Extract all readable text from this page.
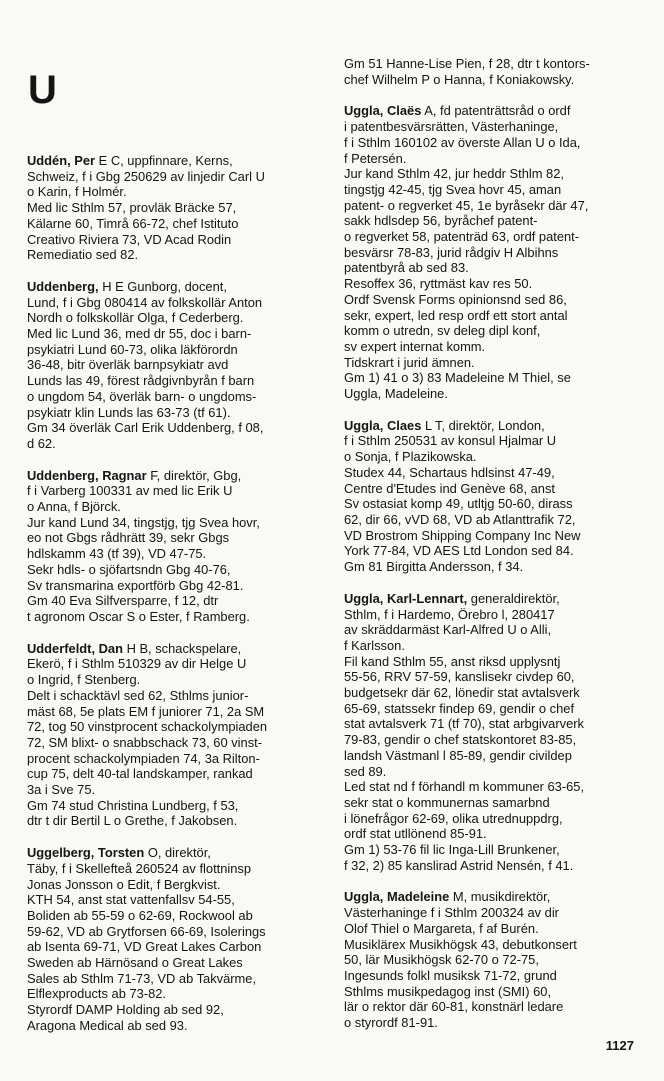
U
Uddén, Per E C, uppfinnare, Kerns,
Schweiz, f i Gbg 250629 av linjedir Carl U
o Karin, f Holmér.
Med lic Sthlm 57, provläk Bräcke 57,
Kälarne 60, Timrå 66-72, chef Istituto
Creativo Riviera 73, VD Acad Rodin
Remediatio sed 82.
Uddenberg, H E Gunborg, docent,
Lund, f i Gbg 080414 av folkskollär Anton
Nordh o folkskollär Olga, f Cederberg.
Med lic Lund 36, med dr 55, doc i barn-
psykiatri Lund 60-73, olika läkförordn
36-48, bitr överläk barnpsykiatr avd
Lunds las 49, förest rådgivnbyrån f barn
o ungdom 54, överläk barn- o ungdoms-
psykiatr klin Lunds las 63-73 (tf 61).
Gm 34 överläk Carl Erik Uddenberg, f 08,
d 62.
Uddenberg, Ragnar F, direktör, Gbg,
f i Varberg 100331 av med lic Erik U
o Anna, f Björck.
Jur kand Lund 34, tingstjg, tjg Svea hovr,
eo not Gbgs rådhrätt 39, sekr Gbgs
hdlskamm 43 (tf 39), VD 47-75.
Sekr hdls- o sjöfartsndn Gbg 40-76,
Sv transmarina exportförb Gbg 42-81.
Gm 40 Eva Silfversparre, f 12, dtr
t agronom Oscar S o Ester, f Ramberg.
Udderfeldt, Dan H B, schackspelare,
Ekerö, f i Sthlm 510329 av dir Helge U
o Ingrid, f Stenberg.
Delt i schacktävl sed 62, Sthlms junior-
mäst 68, 5e plats EM f juniorer 71, 2a SM
72, tog 50 vinstprocent schackolympiaden
72, SM blixt- o snabbschack 73, 60 vinst-
procent schackolympiaden 74, 3a Rilton-
cup 75, delt 40-tal landskamper, rankad
3a i Sve 75.
Gm 74 stud Christina Lundberg, f 53,
dtr t dir Bertil L o Grethe, f Jakobsen.
Uggelberg, Torsten O, direktör,
Täby, f i Skellefteå 260524 av flottninsp
Jonas Jonsson o Edit, f Bergkvist.
KTH 54, anst stat vattenfallsv 54-55,
Boliden ab 55-59 o 62-69, Rockwool ab
59-62, VD ab Grytforsen 66-69, Isolerings
ab Isenta 69-71, VD Great Lakes Carbon
Sweden ab Härnösand o Great Lakes
Sales ab Sthlm 71-73, VD ab Takvärme,
Elflexproducts ab 73-82.
Styrordf DAMP Holding ab sed 92,
Aragona Medical ab sed 93.
Gm 51 Hanne-Lise Pien, f 28, dtr t kontors-
chef Wilhelm P o Hanna, f Koniakowsky.
Uggla, Claës A, fd patenträttsråd o ordf
i patentbesvärsrätten, Västerhaninge,
f i Sthlm 160102 av överste Allan U o Ida,
f Petersén.
Jur kand Sthlm 42, jur heddr Sthlm 82,
tingstjg 42-45, tjg Svea hovr 45, aman
patent- o regverket 45, 1e byråsekr där 47,
sakk hdlsdep 56, byråchef patent-
o regverket 58, patenträd 63, ordf patent-
besvärsr 78-83, jurid rådgiv H Albihns
patentbyrå ab sed 83.
Resoffex 36, ryttmäst kav res 50.
Ordf Svensk Forms opinionsnd sed 86,
sekr, expert, led resp ordf ett stort antal
komm o utredn, sv deleg dipl konf,
sv expert internat komm.
Tidskrart i jurid ämnen.
Gm 1) 41 o 3) 83 Madeleine M Thiel, se
Uggla, Madeleine.
Uggla, Claes L T, direktör, London,
f i Sthlm 250531 av konsul Hjalmar U
o Sonja, f Plazikowska.
Studex 44, Schartaus hdlsinst 47-49,
Centre d'Etudes ind Genève 68, anst
Sv ostasiat komp 49, utltjg 50-60, dirass
62, dir 66, vVD 68, VD ab Atlanttrafik 72,
VD Brostrom Shipping Company Inc New
York 77-84, VD AES Ltd London sed 84.
Gm 81 Birgitta Andersson, f 34.
Uggla, Karl-Lennart, generaldirektör,
Sthlm, f i Hardemo, Örebro l, 280417
av skräddarmäst Karl-Alfred U o Alli,
f Karlsson.
Fil kand Sthlm 55, anst riksd upplysntj
55-56, RRV 57-59, kanslisekr civdep 60,
budgetsekr där 62, lönedir stat avtalsverk
65-69, statssekr findep 69, gendir o chef
stat avtalsverk 71 (tf 70), stat arbgivarverk
79-83, gendir o chef statskontoret 83-85,
landsh Västmanl l 85-89, gendir civildep
sed 89.
Led stat nd f förhandl m kommuner 63-65,
sekr stat o kommunernas samarbnd
i lönefrågor 62-69, olika utrednuppdrg,
ordf stat utllönend 85-91.
Gm 1) 53-76 fil lic Inga-Lill Brunkener,
f 32, 2) 85 kanslirad Astrid Nensén, f 41.
Uggla, Madeleine M, musikdirektör,
Västerhaninge f i Sthlm 200324 av dir
Olof Thiel o Margareta, f af Burén.
Musiklärex Musikhögsk 43, debutkonsert
50, lär Musikhögsk 62-70 o 72-75,
Ingesunds folkl musiksk 71-72, grund
Sthlms musikpedagog inst (SMI) 60,
lär o rektor där 60-81, konstnärl ledare
o styrordf 81-91.
1127
